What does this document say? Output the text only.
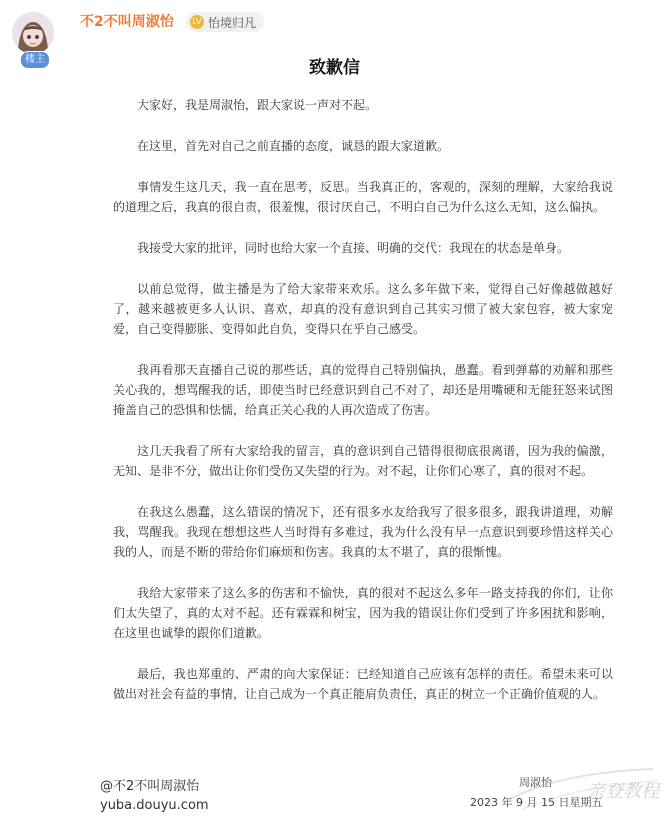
楼主
不2不叫周淑怡	LV 怡境归凡
致歉信

大家好，我是周淑怡，跟大家说一声对不起。

在这里，首先对自己之前直播的态度，诚恳的跟大家道歉。

事情发生这几天，我一直在思考，反思。当我真正的，客观的，深刻的理解，大家给我说的道理之后，我真的很自责，很羞愧，很讨厌自己，不明白自己为什么这么无知，这么偏执。

我接受大家的批评，同时也给大家一个直接、明确的交代：我现在的状态是单身。

以前总觉得，做主播是为了给大家带来欢乐。这么多年做下来，觉得自己好像越做越好了，越来越被更多人认识、喜欢，却真的没有意识到自己其实习惯了被大家包容，被大家宠爱，自己变得膨胀、变得如此自负，变得只在乎自己感受。

我再看那天直播自己说的那些话，真的觉得自己特别偏执，愚蠢。看到弹幕的劝解和那些关心我的，想骂醒我的话，即使当时已经意识到自己不对了，却还是用嘴硬和无能狂怒来试图掩盖自己的恐惧和怯懦，给真正关心我的人再次造成了伤害。

这几天我看了所有大家给我的留言，真的意识到自己错得很彻底很离谱，因为我的偏激，无知、是非不分，做出让你们受伤又失望的行为。对不起，让你们心寒了，真的很对不起。

在我这么愚蠢，这么错误的情况下，还有很多水友给我写了很多很多，跟我讲道理，劝解我，骂醒我。我现在想想这些人当时得有多难过，我为什么没有早一点意识到要珍惜这样关心我的人，而是不断的带给你们麻烦和伤害。我真的太不堪了，真的很惭愧。

我给大家带来了这么多的伤害和不愉快，真的很对不起这么多年一路支持我的你们，让你们太失望了，真的太对不起。还有霖霖和树宝，因为我的错误让你们受到了许多困扰和影响，在这里也诚挚的跟你们道歉。

最后，我也郑重的、严肃的向大家保证：已经知道自己应该有怎样的责任。希望未来可以做出对社会有益的事情，让自己成为一个真正能肩负责任，真正的树立一个正确价值观的人。

@不2不叫周淑怡
yuba.douyu.com
周淑怡
2023 年 9 月 15 日星期五
亲登教程
